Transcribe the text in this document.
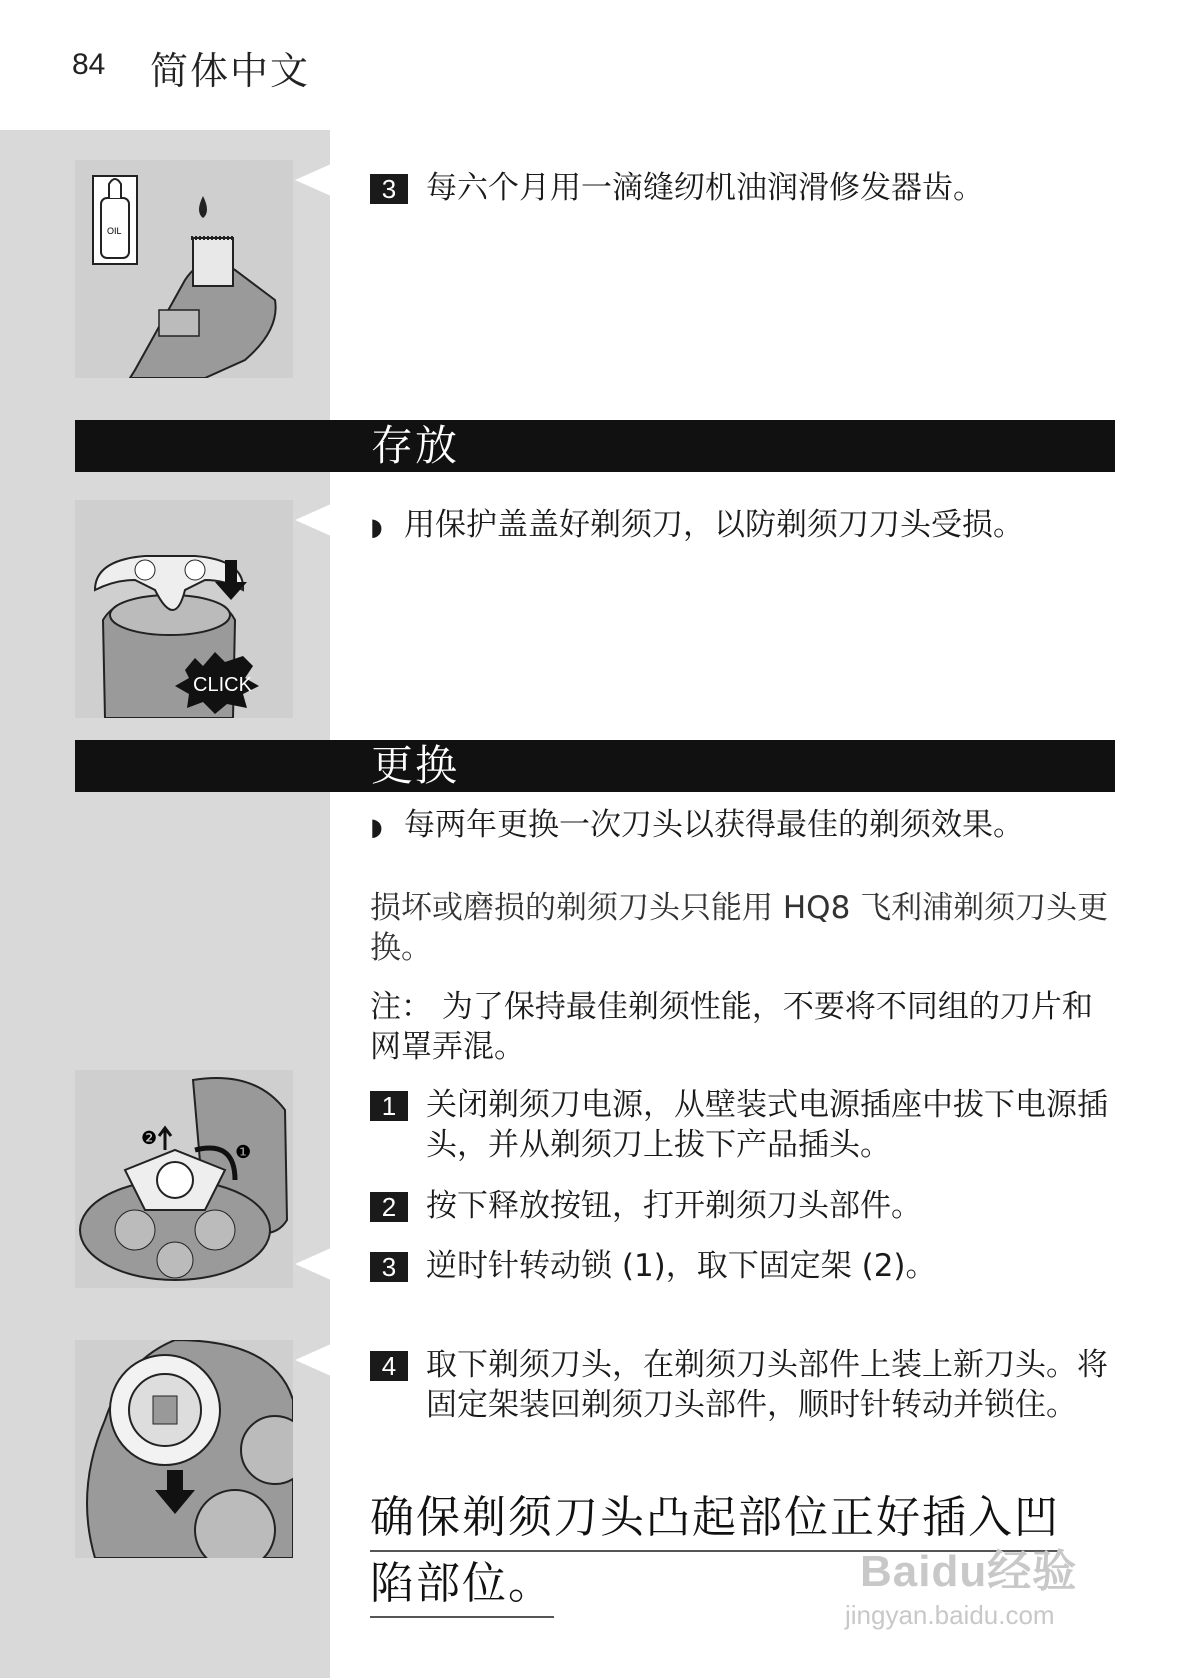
84 简体中文
OIL
3 每六个月用一滴缝纫机油润滑修发器齿。
存放
CLICK
◗ 用保护盖盖好剃须刀，以防剃须刀刀头受损。
更换
◗ 每两年更换一次刀头以获得最佳的剃须效果。
损坏或磨损的剃须刀头只能用 HQ8 飞利浦剃须刀头更换。
注： 为了保持最佳剃须性能，不要将不同组的刀片和网罩弄混。
❷
❶
1 关闭剃须刀电源，从壁装式电源插座中拔下电源插头，并从剃须刀上拔下产品插头。
2 按下释放按钮，打开剃须刀头部件。
3 逆时针转动锁 (1)，取下固定架 (2)。
4 取下剃须刀头，在剃须刀头部件上装上新刀头。将固定架装回剃须刀头部件，顺时针转动并锁住。
确保剃须刀头凸起部位正好插入凹
陷部位。	Baidu经验
jingyan.baidu.com
